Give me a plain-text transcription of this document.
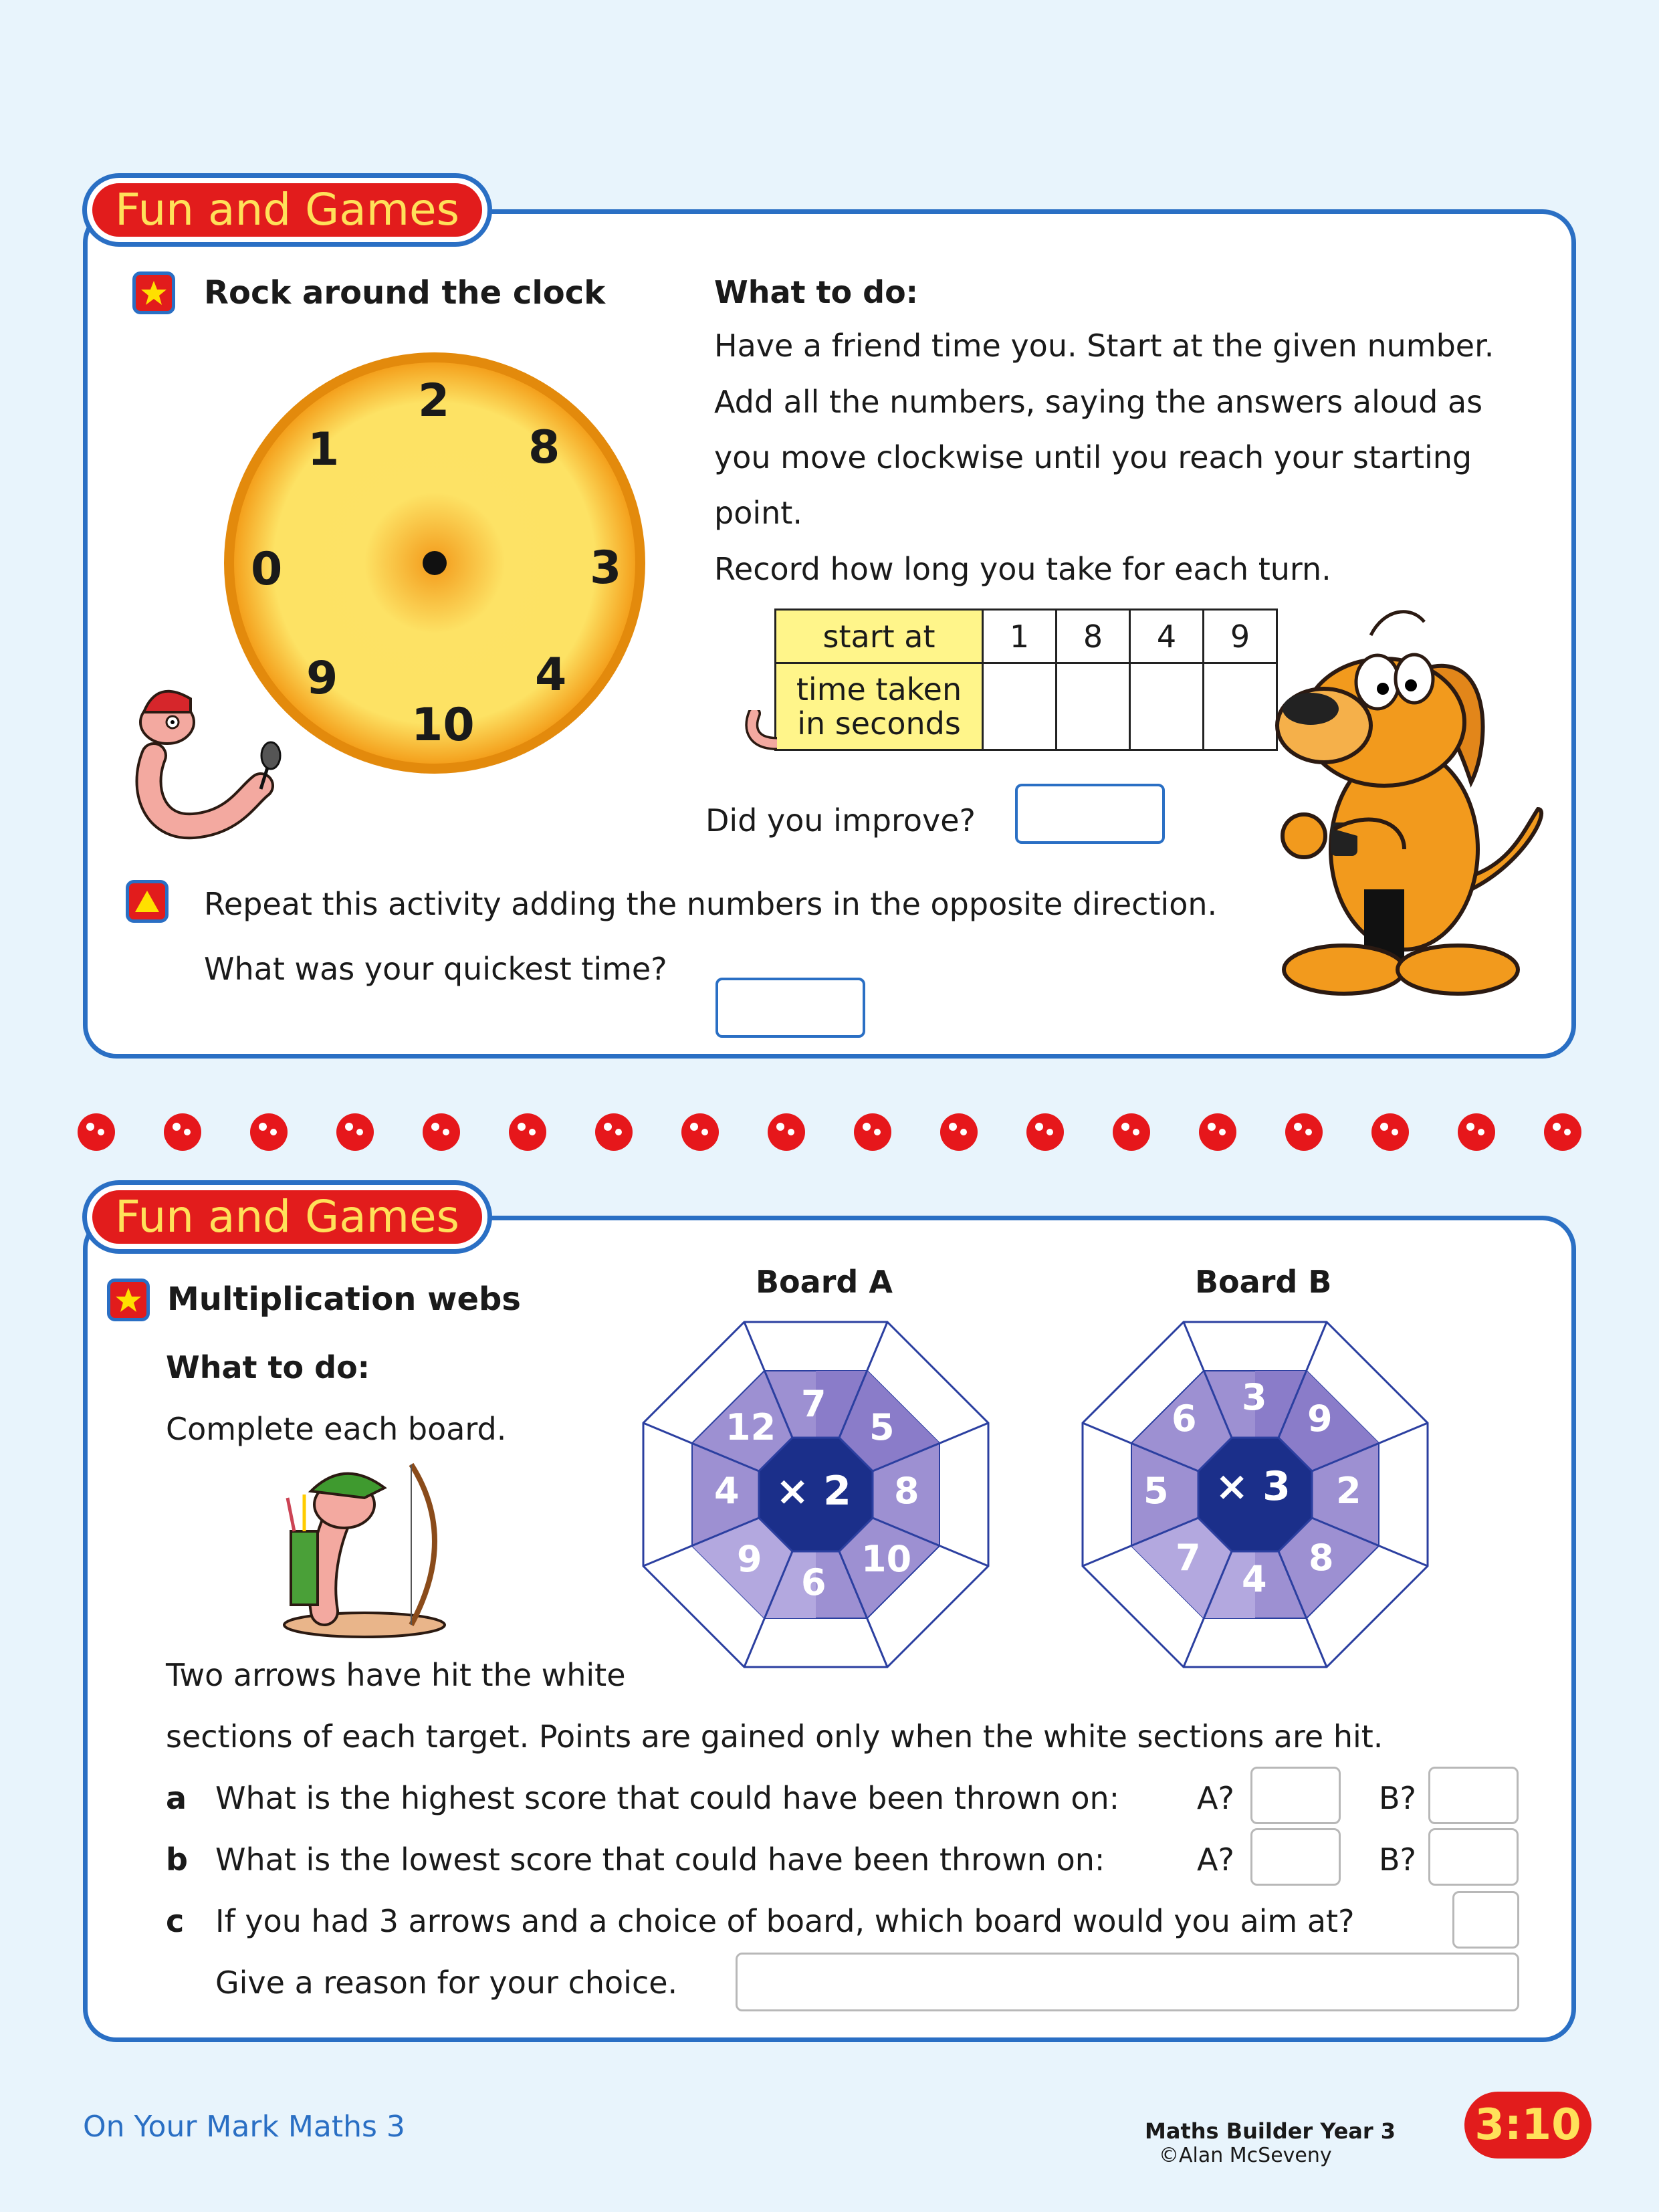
Fun and Games
Rock around the clock
2
8
3
4
10
9
0
1
What to do:
Have a friend time you. Start at the given number.
Add all the numbers, saying the answers aloud as
you move clockwise until you reach your starting
point.
Record how long you take for each turn.
start at	1	8	4	9

time taken
in seconds				

Did you improve?
Repeat this activity adding the numbers in the opposite direction.
What was your quickest time?
Fun and Games
Multiplication webs
What to do:
Complete each board.
Board A
× 2
7
5
8
10
6
9
4
12
Board B
× 3
3
9
2
8
4
7
5
6
Two arrows have hit the white
sections of each target. Points are gained only when the white sections are hit.
a What is the highest score that could have been thrown on:	A?	B?
b What is the lowest score that could have been thrown on:	A?	B?
c If you had 3 arrows and a choice of board, which board would you aim at?
Give a reason for your choice.
On Your Mark Maths 3	Maths Builder Year 3
©Alan McSeveny
3:10
